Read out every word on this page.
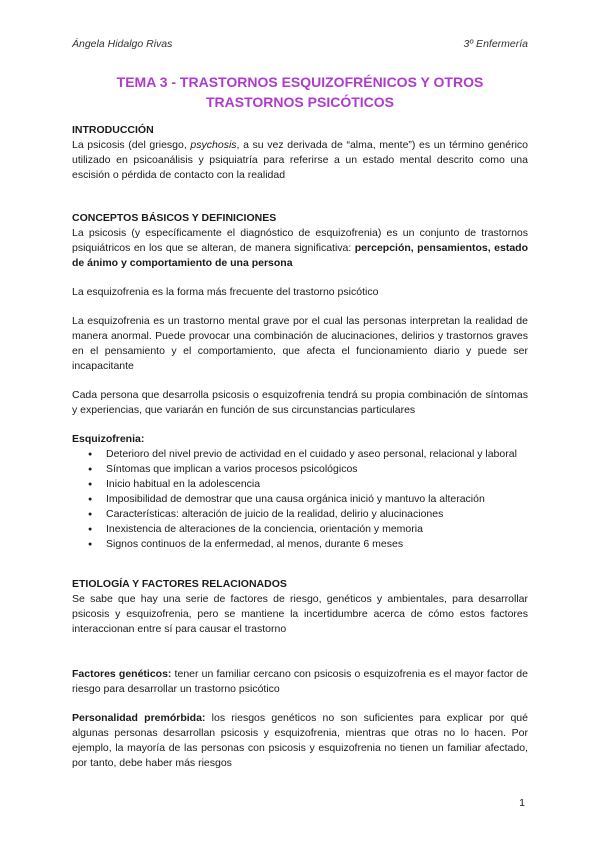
Ángela Hidalgo Rivas	3º Enfermería
TEMA 3 - TRASTORNOS ESQUIZOFRÉNICOS Y OTROS
TRASTORNOS PSICÓTICOS

INTRODUCCIÓN

La psicosis (del griesgo, psychosis, a su vez derivada de “alma, mente”) es un término genérico utilizado en psicoanálisis y psiquiatría para referirse a un estado mental descrito como una escisión o pérdida de contacto con la realidad

CONCEPTOS BÁSICOS Y DEFINICIONES

La psicosis (y específicamente el diagnóstico de esquizofrenia) es un conjunto de trastornos psiquiátricos en los que se alteran, de manera significativa: percepción, pensamientos, estado de ánimo y comportamiento de una persona

La esquizofrenia es la forma más frecuente del trastorno psicótico
La esquizofrenia es un trastorno mental grave por el cual las personas interpretan la realidad de manera anormal. Puede provocar una combinación de alucinaciones, delirios y trastornos graves en el pensamiento y el comportamiento, que afecta el funcionamiento diario y puede ser incapacitante
Cada persona que desarrolla psicosis o esquizofrenia tendrá su propia combinación de síntomas y experiencias, que variarán en función de sus circunstancias particulares

Esquizofrenia:

● Deterioro del nivel previo de actividad en el cuidado y aseo personal, relacional y laboral
● Síntomas que implican a varios procesos psicológicos
● Inicio habitual en la adolescencia
● Imposibilidad de demostrar que una causa orgánica inició y mantuvo la alteración
● Características: alteración de juicio de la realidad, delirio y alucinaciones
● Inexistencia de alteraciones de la conciencia, orientación y memoria
● Signos continuos de la enfermedad, al menos, durante 6 meses

ETIOLOGÍA Y FACTORES RELACIONADOS

Se sabe que hay una serie de factores de riesgo, genéticos y ambientales, para desarrollar psicosis y esquizofrenia, pero se mantiene la incertidumbre acerca de cómo estos factores interaccionan entre sí para causar el trastorno

Factores genéticos: tener un familiar cercano con psicosis o esquizofrenia es el mayor factor de riesgo para desarrollar un trastorno psicótico
Personalidad premórbida: los riesgos genéticos no son suficientes para explicar por qué algunas personas desarrollan psicosis y esquizofrenia, mientras que otras no lo hacen. Por ejemplo, la mayoría de las personas con psicosis y esquizofrenia no tienen un familiar afectado, por tanto, debe haber más riesgos
1
